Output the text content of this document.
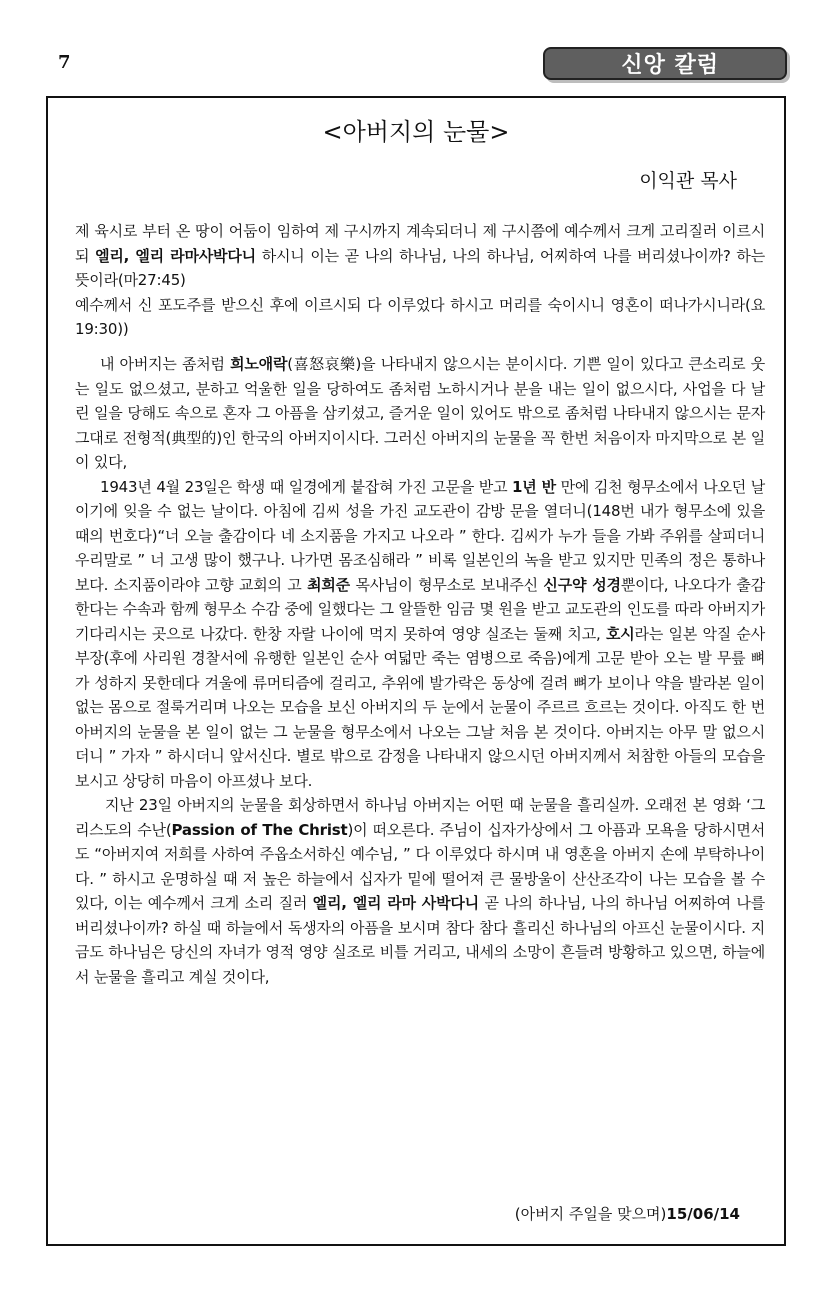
7	신앙 칼럼
<아버지의 눈물>
이익관 목사

제 육시로 부터 온 땅이 어둠이 임하여 제 구시까지 계속되더니 제 구시쯤에 예수께서 크게 고리질러 이르시되 엘리, 엘리 라마사박다니 하시니 이는 곧 나의 하나님, 나의 하나님, 어찌하여 나를 버리셨나이까? 하는 뜻이라(마27:45)

예수께서 신 포도주를 받으신 후에 이르시되 다 이루었다 하시고 머리를 숙이시니 영혼이 떠나가시니라(요19:30))

내 아버지는 좀처럼 희노애락(喜怒哀樂)을 나타내지 않으시는 분이시다. 기쁜 일이 있다고 큰소리로 웃는 일도 없으셨고, 분하고 억울한 일을 당하여도 좀처럼 노하시거나 분을 내는 일이 없으시다, 사업을 다 날린 일을 당해도 속으로 혼자 그 아픔을 삼키셨고, 즐거운 일이 있어도 밖으로 좀처럼 나타내지 않으시는 문자 그대로 전형적(典型的)인 한국의 아버지이시다. 그러신 아버지의 눈물을 꼭 한번 처음이자 마지막으로 본 일이 있다,

1943년 4월 23일은 학생 때 일경에게 붙잡혀 가진 고문을 받고 1년 반 만에 김천 형무소에서 나오던 날이기에 잊을 수 없는 날이다. 아침에 김씨 성을 가진 교도관이 감방 문을 열더니(148번 내가 형무소에 있을 때의 번호다)“너 오늘 출감이다 네 소지품을 가지고 나오라 ” 한다. 김씨가 누가 들을 가봐 주위를 살피더니 우리말로 ” 너 고생 많이 했구나. 나가면 몸조심해라 ” 비록 일본인의 녹을 받고 있지만 민족의 정은 통하나 보다. 소지품이라야 고향 교회의 고 최희준 목사님이 형무소로 보내주신 신구약 성경뿐이다, 나오다가 출감한다는 수속과 함께 형무소 수감 중에 일했다는 그 알뜰한 임금 몇 원을 받고 교도관의 인도를 따라 아버지가 기다리시는 곳으로 나갔다. 한창 자랄 나이에 먹지 못하여 영양 실조는 둘째 치고, 호시라는 일본 악질 순사부장(후에 사리원 경찰서에 유행한 일본인 순사 여덟만 죽는 염병으로 죽음)에게 고문 받아 오는 발 무릎 뼈가 성하지 못한데다 겨울에 류머티즘에 걸리고, 추위에 발가락은 동상에 걸려 뼈가 보이나 약을 발라본 일이 없는 몸으로 절룩거리며 나오는 모습을 보신 아버지의 두 눈에서 눈물이 주르르 흐르는 것이다. 아직도 한 번 아버지의 눈물을 본 일이 없는 그 눈물을 형무소에서 나오는 그날 처음 본 것이다. 아버지는 아무 말 없으시더니 ” 가자 ” 하시더니 앞서신다. 별로 밖으로 감정을 나타내지 않으시던 아버지께서 처참한 아들의 모습을 보시고 상당히 마음이 아프셨나 보다.

지난 23일 아버지의 눈물을 회상하면서 하나님 아버지는 어떤 때 눈물을 흘리실까. 오래전 본 영화 ‘그리스도의 수난(Passion of The Christ)이 떠오른다. 주님이 십자가상에서 그 아픔과 모욕을 당하시면서도 “아버지여 저희를 사하여 주옵소서하신 예수님, ” 다 이루었다 하시며 내 영혼을 아버지 손에 부탁하나이다. ” 하시고 운명하실 때 저 높은 하늘에서 십자가 밑에 떨어져 큰 물방울이 산산조각이 나는 모습을 볼 수 있다, 이는 예수께서 크게 소리 질러 엘리, 엘리 라마 사박다니 곧 나의 하나님, 나의 하나님 어찌하여 나를 버리셨나이까? 하실 때 하늘에서 독생자의 아픔을 보시며 참다 참다 흘리신 하나님의 아프신 눈물이시다. 지금도 하나님은 당신의 자녀가 영적 영양 실조로 비틀 거리고, 내세의 소망이 흔들려 방황하고 있으면, 하늘에서 눈물을 흘리고 계실 것이다,

(아버지 주일을 맞으며)15/06/14
